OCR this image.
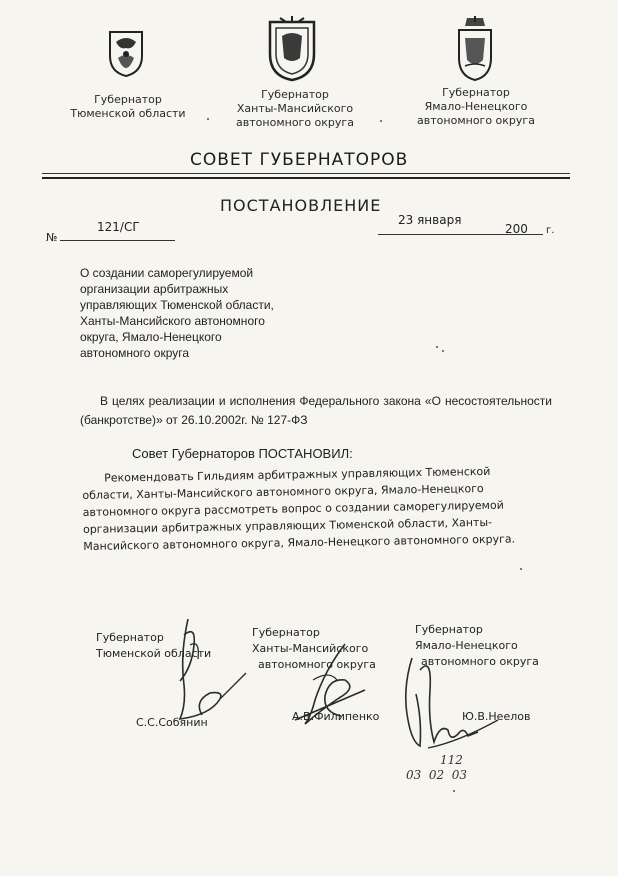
Губернатор
Тюменской области
Губернатор
Ханты-Мансийского
автономного округа
Губернатор
Ямало-Ненецкого
автономного округа
СОВЕТ ГУБЕРНАТОРОВ
ПОСТАНОВЛЕНИЕ
№
121/СГ	23 января
200 г.
О создании саморегулируемой
организации арбитражных
управляющих Тюменской области,
Ханты-Мансийского автономного
округа, Ямало-Ненецкого
автономного округа
В целях реализации и исполнения Федерального закона «О несостоятельности (банкротстве)» от 26.10.2002г. № 127-ФЗ
Совет Губернаторов ПОСТАНОВИЛ:
Рекомендовать Гильдиям арбитражных управляющих Тюменской
области, Ханты-Мансийского автономного округа, Ямало-Ненецкого
автономного округа рассмотреть вопрос о создании саморегулируемой
организации арбитражных управляющих Тюменской области, Ханты-
Мансийского автономного округа, Ямало-Ненецкого автономного округа.
Губернатор
Тюменской области
Губернатор
Ханты-Мансийского
автономного округа
Губернатор
Ямало-Ненецкого
автономного округа
С.С.Собянин	А.В.Филипенко	Ю.В.Неелов
112
03  02  03
